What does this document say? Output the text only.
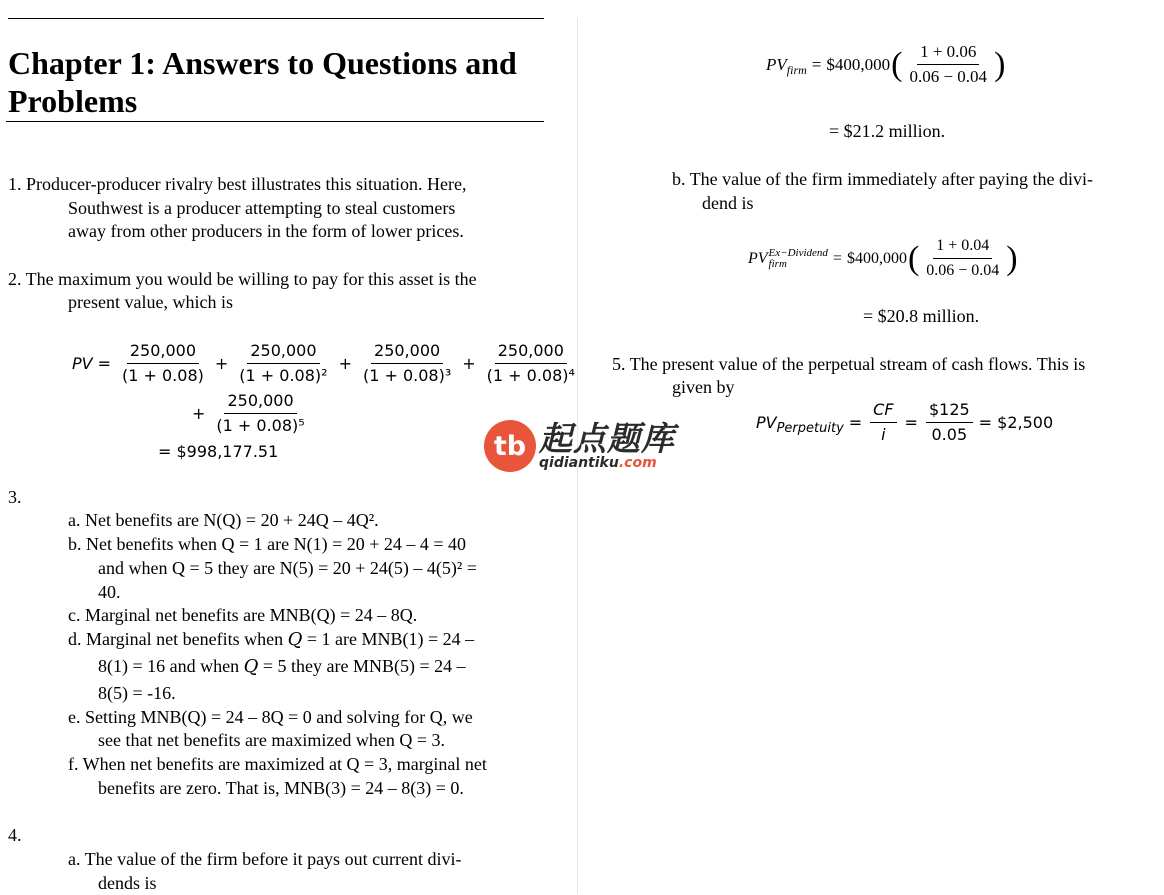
Chapter 1: Answers to Questions and Problems
1. Producer-producer rivalry best illustrates this situation. Here,
Southwest is a producer attempting to steal customers
away from other producers in the form of lower prices.
2. The maximum you would be willing to pay for this asset is the
present value, which is
PV = $\frac{250,000}{(1 + 0.08)} + \frac{250,000}{\text{(1 + 0.08)²}} + \frac{250,000}{\text{(1 + 0.08)³}} + \frac{250,000}{\text{(1 + 0.08)⁴}}$
+ $\frac{250,000}{\text{(1 + 0.08)⁵}}$
= $998,177.51
3.
a. Net benefits are N(Q) = 20 + 24Q – 4Q².
b. Net benefits when Q = 1 are N(1) = 20 + 24 – 4 = 40
and when Q = 5 they are N(5) = 20 + 24(5) – 4(5)² =
40.
c. Marginal net benefits are MNB(Q) = 24 – 8Q.
d. Marginal net benefits when 𝑄 = 1 are MNB(1) = 24 –
8(1) = 16 and when 𝑄 = 5 they are MNB(5) = 24 –
8(5) = -16.
e. Setting MNB(Q) = 24 – 8Q = 0 and solving for Q, we
see that net benefits are maximized when Q = 3.
f. When net benefits are maximized at Q = 3, marginal net
benefits are zero. That is, MNB(3) = 24 – 8(3) = 0.
4.
a. The value of the firm before it pays out current divi-
dends is
PV firm = $400,000 ( $\frac{1 + 0.06}{0.06 - 0.04}$ )
= $21.2 million.
b. The value of the firm immediately after paying the divi-
dend is
PV Ex−Dividend
firm	= $400,000 ( $\frac{1 + 0.04}{0.06 - 0.04}$ )
= $20.8 million.
5. The present value of the perpetual stream of cash flows. This is
given by
PV Perpetuity = $\frac{CF}{i} = \frac{\$125}{0.05}$ = $2,500
tb 起点题库
qidiantiku.com
